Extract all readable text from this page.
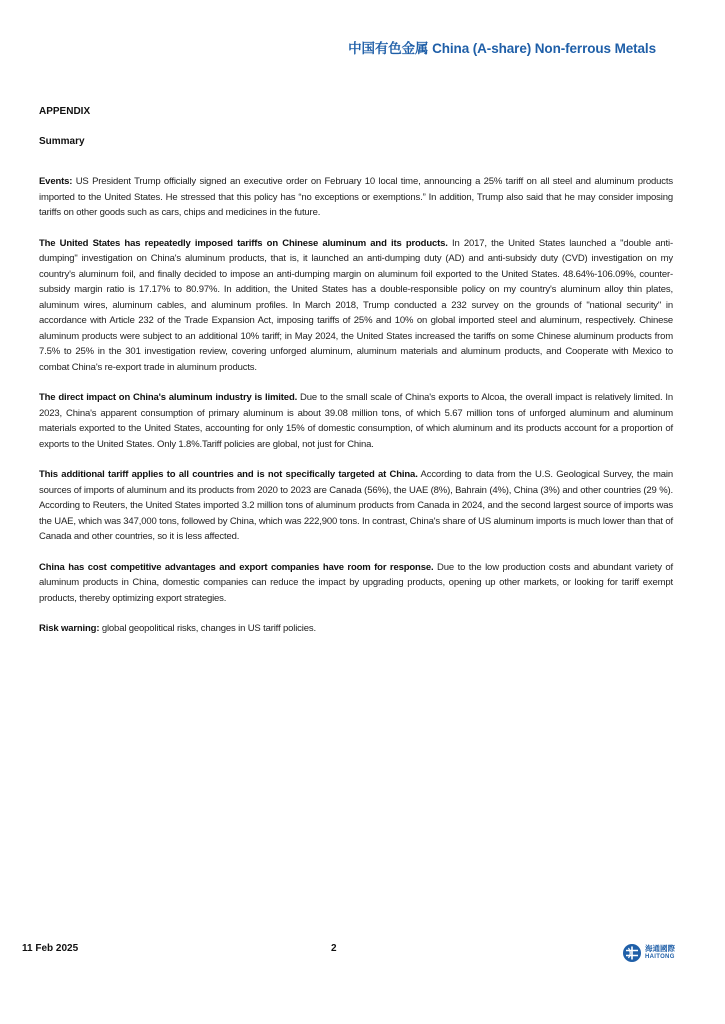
中国有色金属 China (A-share) Non-ferrous Metals
APPENDIX
Summary

Events: US President Trump officially signed an executive order on February 10 local time, announcing a 25% tariff on all steel and aluminum products imported to the United States. He stressed that this policy has “no exceptions or exemptions.” In addition, Trump also said that he may consider imposing tariffs on other goods such as cars, chips and medicines in the future.

The United States has repeatedly imposed tariffs on Chinese aluminum and its products. In 2017, the United States launched a "double anti-dumping" investigation on China's aluminum products, that is, it launched an anti-dumping duty (AD) and anti-subsidy duty (CVD) investigation on my country's aluminum foil, and finally decided to impose an anti-dumping margin on aluminum foil exported to the United States. 48.64%-106.09%, counter-subsidy margin ratio is 17.17% to 80.97%. In addition, the United States has a double-responsible policy on my country's aluminum alloy thin plates, aluminum wires, aluminum cables, and aluminum profiles. In March 2018, Trump conducted a 232 survey on the grounds of "national security" in accordance with Article 232 of the Trade Expansion Act, imposing tariffs of 25% and 10% on global imported steel and aluminum, respectively. Chinese aluminum products were subject to an additional 10% tariff; in May 2024, the United States increased the tariffs on some Chinese aluminum products from 7.5% to 25% in the 301 investigation review, covering unforged aluminum, aluminum materials and aluminum products, and Cooperate with Mexico to combat China's re-export trade in aluminum products.

The direct impact on China's aluminum industry is limited. Due to the small scale of China's exports to Alcoa, the overall impact is relatively limited. In 2023, China's apparent consumption of primary aluminum is about 39.08 million tons, of which 5.67 million tons of unforged aluminum and aluminum materials exported to the United States, accounting for only 15% of domestic consumption, of which aluminum and its products account for a proportion of exports to the United States. Only 1.8%.Tariff policies are global, not just for China.

This additional tariff applies to all countries and is not specifically targeted at China. According to data from the U.S. Geological Survey, the main sources of imports of aluminum and its products from 2020 to 2023 are Canada (56%), the UAE (8%), Bahrain (4%), China (3%) and other countries (29 %). According to Reuters, the United States imported 3.2 million tons of aluminum products from Canada in 2024, and the second largest source of imports was the UAE, which was 347,000 tons, followed by China, which was 222,900 tons. In contrast, China's share of US aluminum imports is much lower than that of Canada and other countries, so it is less affected.

China has cost competitive advantages and export companies have room for response. Due to the low production costs and abundant variety of aluminum products in China, domestic companies can reduce the impact by upgrading products, opening up other markets, or looking for tariff exempt products, thereby optimizing export strategies.

Risk warning: global geopolitical risks, changes in US tariff policies.

11 Feb 2025	2	海通國際
HAITONG
